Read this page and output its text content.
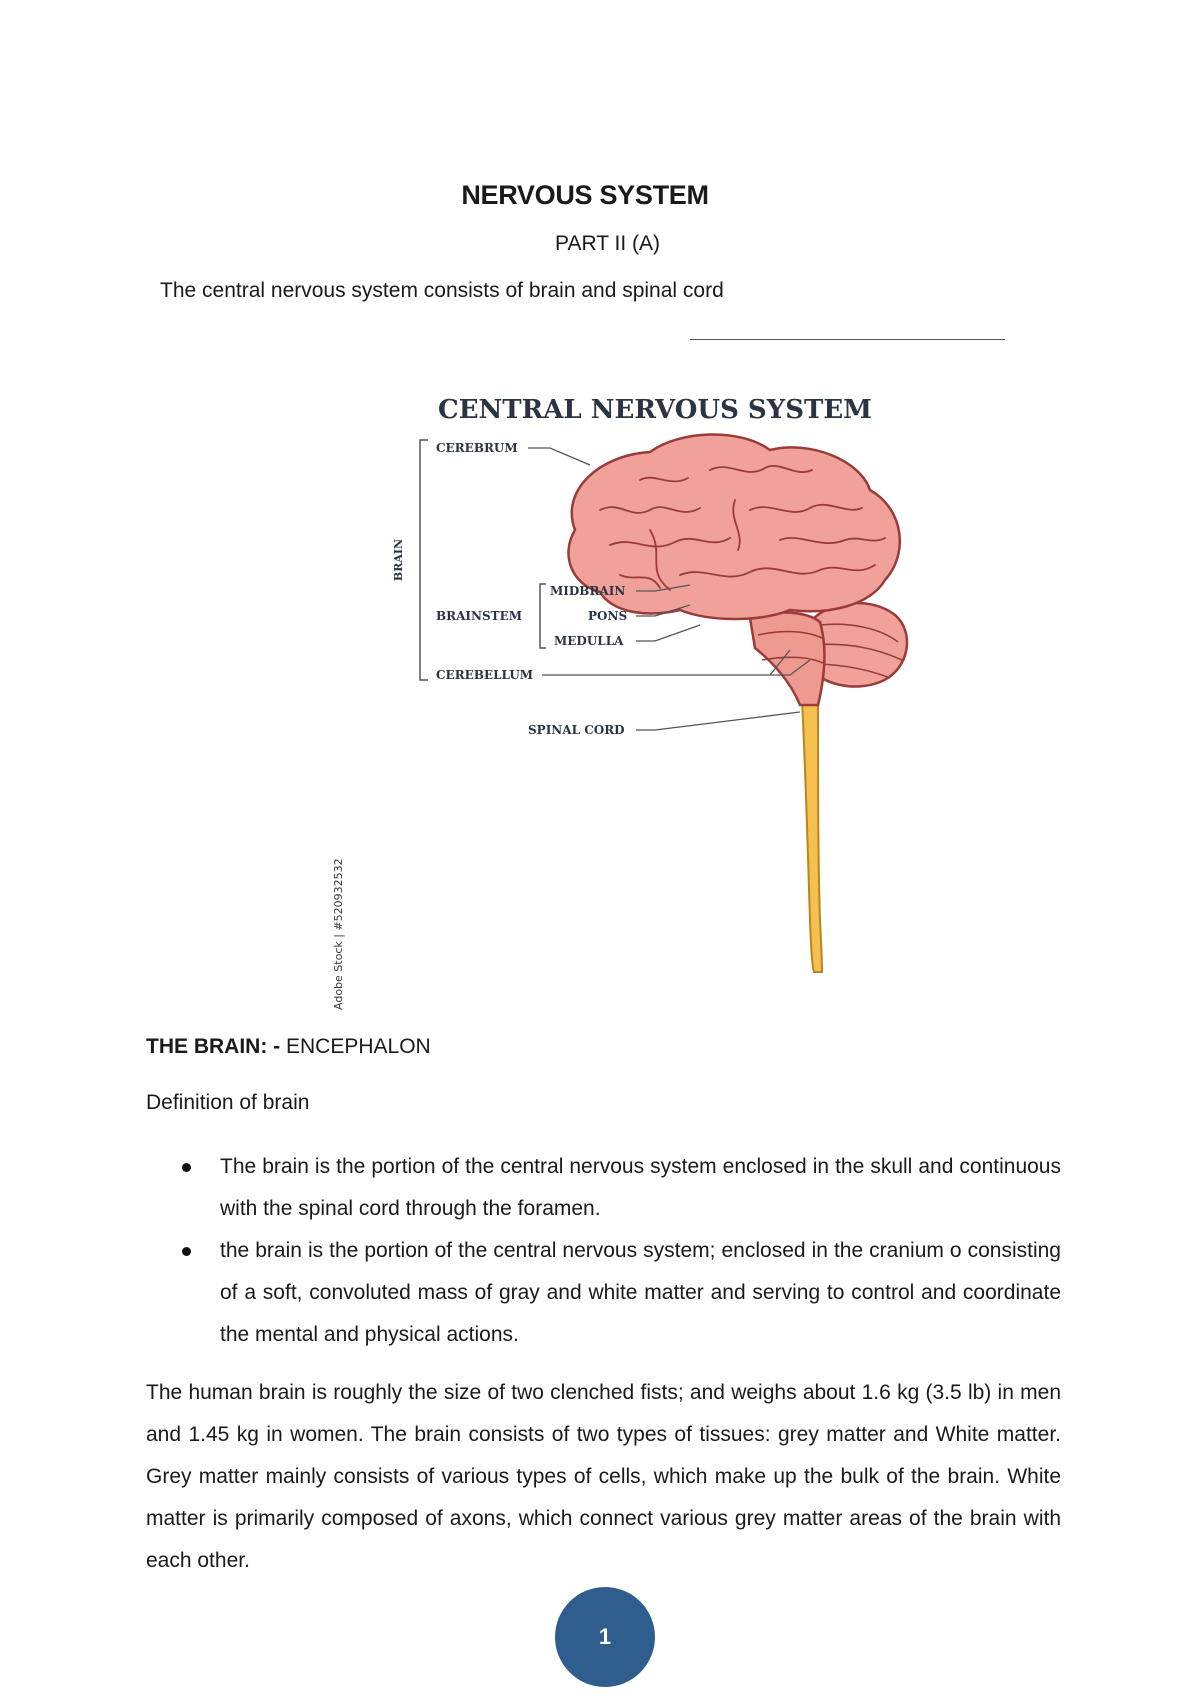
NERVOUS SYSTEM
PART II (A)
The central nervous system consists of brain and spinal cord
CENTRAL NERVOUS SYSTEM
BRAIN
CEREBRUM
BRAINSTEM
MIDBRAIN
PONS
MEDULLA
CEREBELLUM
SPINAL CORD
Adobe Stock | #520932532
THE BRAIN: - ENCEPHALON
Definition of brain
The brain is the portion of the central nervous system enclosed in the skull and continuous with the spinal cord through the foramen.
the brain is the portion of the central nervous system; enclosed in the cranium o consisting of a soft, convoluted mass of gray and white matter and serving to control and coordinate the mental and physical actions.

The human brain is roughly the size of two clenched fists; and weighs about 1.6 kg (3.5 lb) in men and 1.45 kg in women. The brain consists of two types of tissues: grey matter and White matter. Grey matter mainly consists of various types of cells, which make up the bulk of the brain. White matter is primarily composed of axons, which connect various grey matter areas of the brain with each other.

1
